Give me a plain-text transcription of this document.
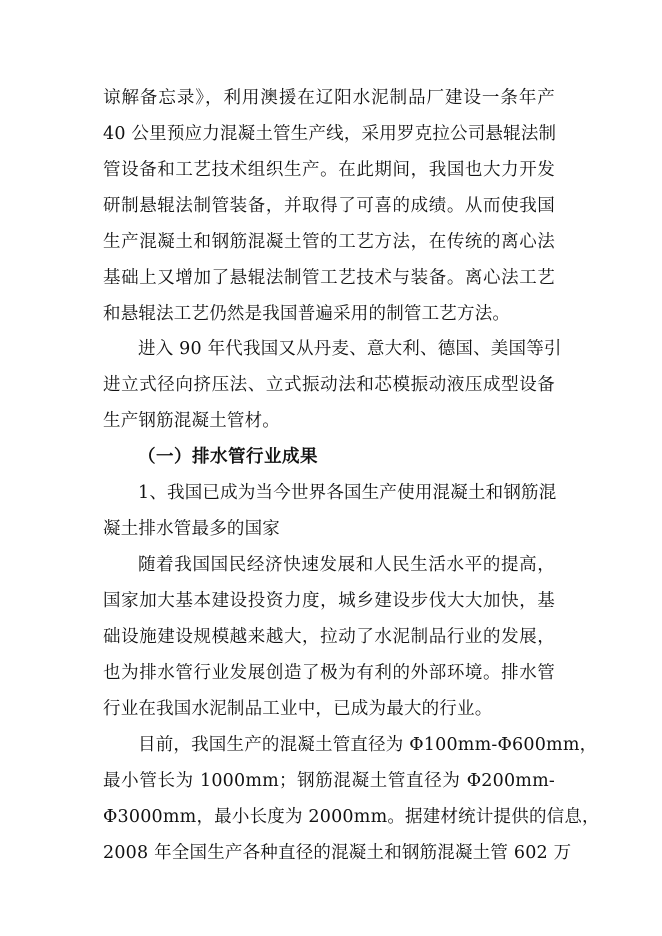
谅解备忘录》，利用澳援在辽阳水泥制品厂建设一条年产
40 公里预应力混凝土管生产线，采用罗克拉公司悬辊法制
管设备和工艺技术组织生产。在此期间，我国也大力开发
研制悬辊法制管装备，并取得了可喜的成绩。从而使我国
生产混凝土和钢筋混凝土管的工艺方法，在传统的离心法
基础上又增加了悬辊法制管工艺技术与装备。离心法工艺
和悬辊法工艺仍然是我国普遍采用的制管工艺方法。
进入 90 年代我国又从丹麦、意大利、德国、美国等引
进立式径向挤压法、立式振动法和芯模振动液压成型设备
生产钢筋混凝土管材。
（一）排水管行业成果
1、我国已成为当今世界各国生产使用混凝土和钢筋混
凝土排水管最多的国家
随着我国国民经济快速发展和人民生活水平的提高，
国家加大基本建设投资力度，城乡建设步伐大大加快，基
础设施建设规模越来越大，拉动了水泥制品行业的发展，
也为排水管行业发展创造了极为有利的外部环境。排水管
行业在我国水泥制品工业中，已成为最大的行业。
目前，我国生产的混凝土管直径为 Φ100mm-Φ600mm，
最小管长为 1000mm；钢筋混凝土管直径为 Φ200mm-
Φ3000mm，最小长度为 2000mm。据建材统计提供的信息，
2008 年全国生产各种直径的混凝土和钢筋混凝土管 602 万
